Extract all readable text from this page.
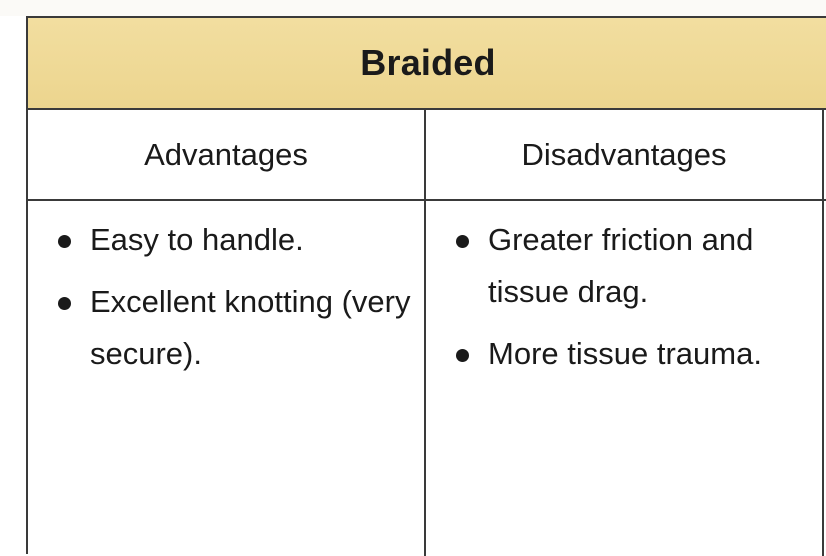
Braided
Advantages	Disadvantages
Easy to handle.
Excellent knotting (very secure).
Greater friction and tissue drag.
More tissue trauma.
